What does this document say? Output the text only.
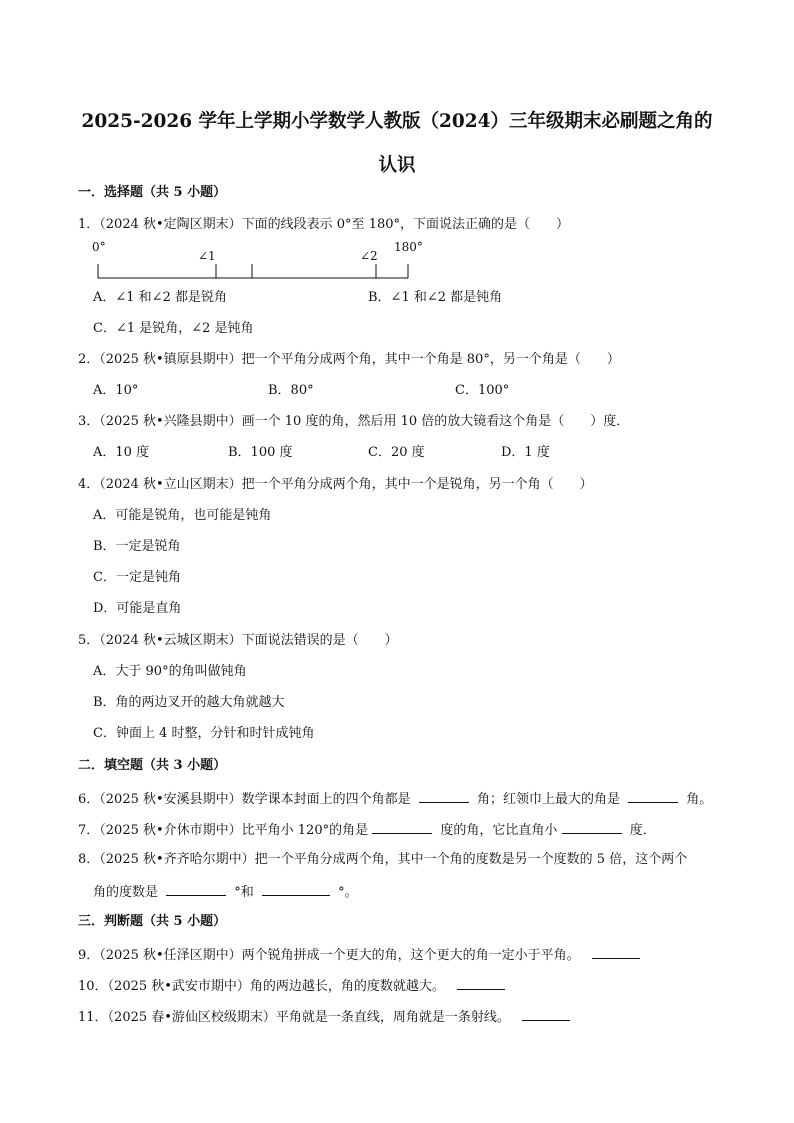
2025-2026 学年上学期小学数学人教版（2024）三年级期末必刷题之角的
认识
一．选择题（共 5 小题）
1．（2024 秋•定陶区期末）下面的线段表示 0°至 180°，下面说法正确的是（　　）
0°
∠1	∠2
180°
A．∠1 和∠2 都是锐角	B．∠1 和∠2 都是钝角
C．∠1 是锐角，∠2 是钝角
2．（2025 秋•镇原县期中）把一个平角分成两个角，其中一个角是 80°，另一个角是（　　）
A．10°	B．80°	C．100°
3．（2025 秋•兴隆县期中）画一个 10 度的角，然后用 10 倍的放大镜看这个角是（　　）度．
A．10 度	B．100 度	C．20 度	D．1 度
4．（2024 秋•立山区期末）把一个平角分成两个角，其中一个是锐角，另一个角（　　）
A．可能是锐角，也可能是钝角
B．一定是锐角
C．一定是钝角
D．可能是直角
5．（2024 秋•云城区期末）下面说法错误的是（　　）
A．大于 90°的角叫做钝角
B．角的两边叉开的越大角就越大
C．钟面上 4 时整，分针和时针成钝角
二．填空题（共 3 小题）
6．（2025 秋•安溪县期中）数学课本封面上的四个角都是	角；红领巾上最大的角是	角。
7．（2025 秋•介休市期中）比平角小 120°的角是	度的角，它比直角小	度．
8．（2025 秋•齐齐哈尔期中）把一个平角分成两个角，其中一个角的度数是另一个度数的 5 倍，这个两个
角的度数是	°和	°。
三．判断题（共 5 小题）
9．（2025 秋•任泽区期中）两个锐角拼成一个更大的角，这个更大的角一定小于平角。
10．（2025 秋•武安市期中）角的两边越长，角的度数就越大。
11．（2025 春•游仙区校级期末）平角就是一条直线，周角就是一条射线。
